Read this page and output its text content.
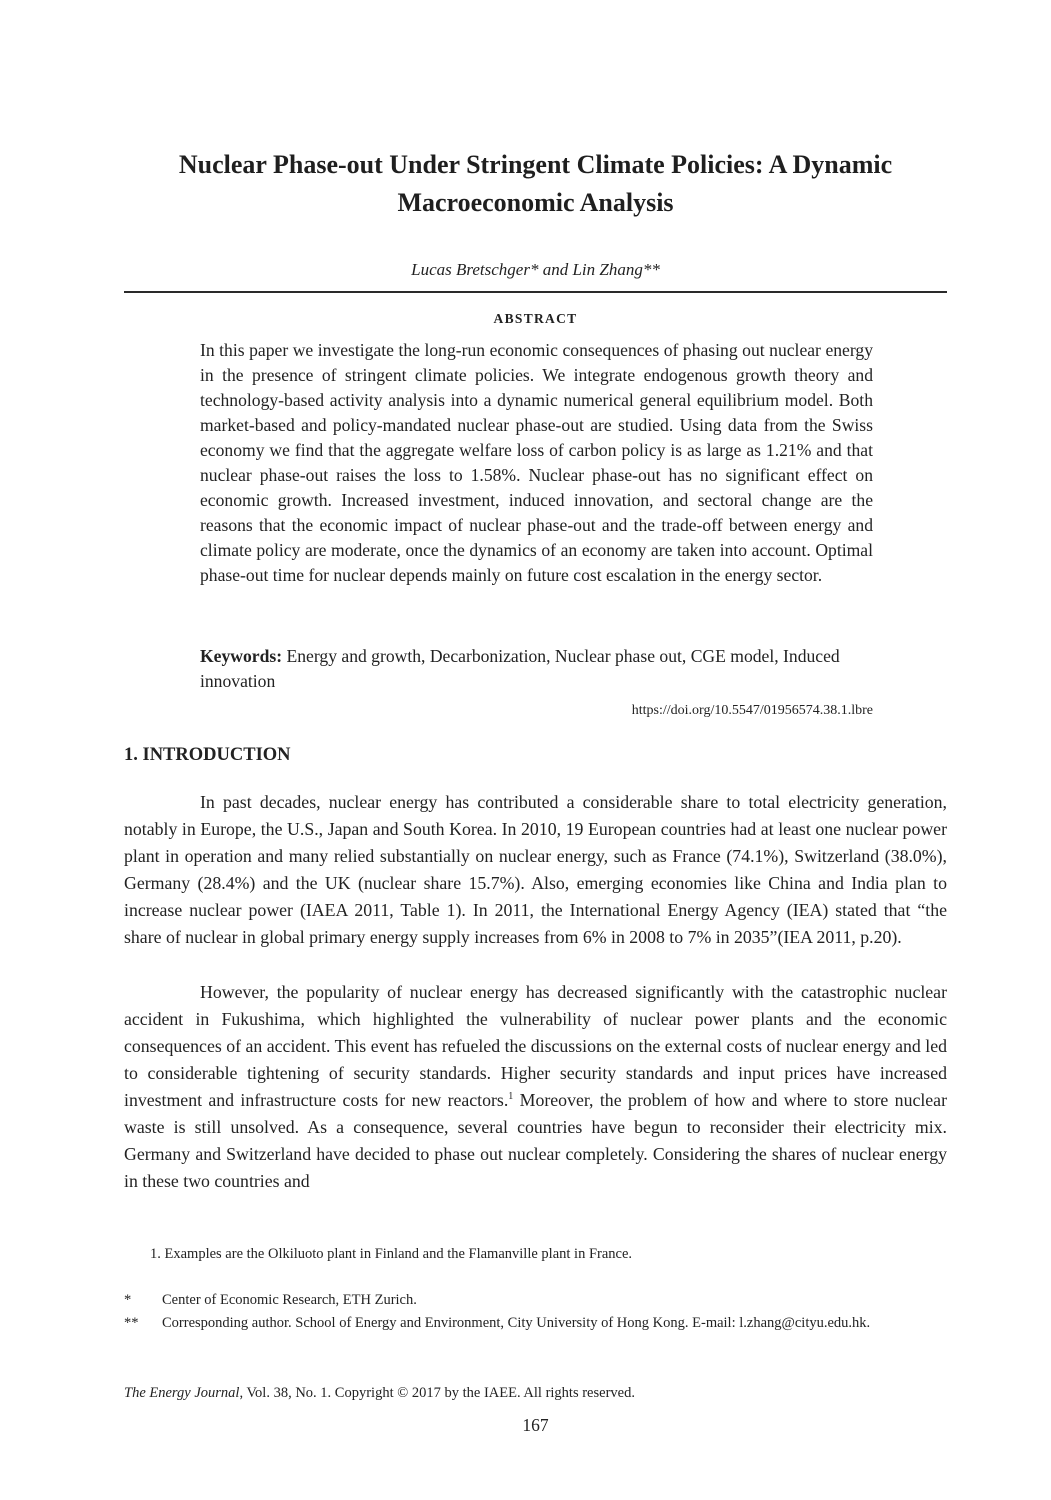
Nuclear Phase-out Under Stringent Climate Policies: A Dynamic Macroeconomic Analysis
Lucas Bretschger* and Lin Zhang**
ABSTRACT

In this paper we investigate the long-run economic consequences of phasing out nuclear energy in the presence of stringent climate policies. We integrate endogenous growth theory and technology-based activity analysis into a dynamic numerical general equilibrium model. Both market-based and policy-mandated nuclear phase-out are studied. Using data from the Swiss economy we find that the aggregate welfare loss of carbon policy is as large as 1.21% and that nuclear phase-out raises the loss to 1.58%. Nuclear phase-out has no significant effect on economic growth. Increased investment, induced innovation, and sectoral change are the reasons that the economic impact of nuclear phase-out and the trade-off between energy and climate policy are moderate, once the dynamics of an economy are taken into account. Optimal phase-out time for nuclear depends mainly on future cost escalation in the energy sector.

Keywords: Energy and growth, Decarbonization, Nuclear phase out, CGE model, Induced innovation

https://doi.org/10.5547/01956574.38.1.lbre
1. INTRODUCTION

In past decades, nuclear energy has contributed a considerable share to total electricity generation, notably in Europe, the U.S., Japan and South Korea. In 2010, 19 European countries had at least one nuclear power plant in operation and many relied substantially on nuclear energy, such as France (74.1%), Switzerland (38.0%), Germany (28.4%) and the UK (nuclear share 15.7%). Also, emerging economies like China and India plan to increase nuclear power (IAEA 2011, Table 1). In 2011, the International Energy Agency (IEA) stated that “the share of nuclear in global primary energy supply increases from 6% in 2008 to 7% in 2035”(IEA 2011, p.20).

However, the popularity of nuclear energy has decreased significantly with the catastrophic nuclear accident in Fukushima, which highlighted the vulnerability of nuclear power plants and the economic consequences of an accident. This event has refueled the discussions on the external costs of nuclear energy and led to considerable tightening of security standards. Higher security standards and input prices have increased investment and infrastructure costs for new reactors.$^1$ Moreover, the problem of how and where to store nuclear waste is still unsolved. As a consequence, several countries have begun to reconsider their electricity mix. Germany and Switzerland have decided to phase out nuclear completely. Considering the shares of nuclear energy in these two countries and

1. Examples are the Olkiluoto plant in Finland and the Flamanville plant in France.
*	Center of Economic Research, ETH Zurich.
**	Corresponding author. School of Energy and Environment, City University of Hong Kong. E-mail: l.zhang@cityu.edu.hk.
The Energy Journal, Vol. 38, No. 1. Copyright © 2017 by the IAEE. All rights reserved.
167
